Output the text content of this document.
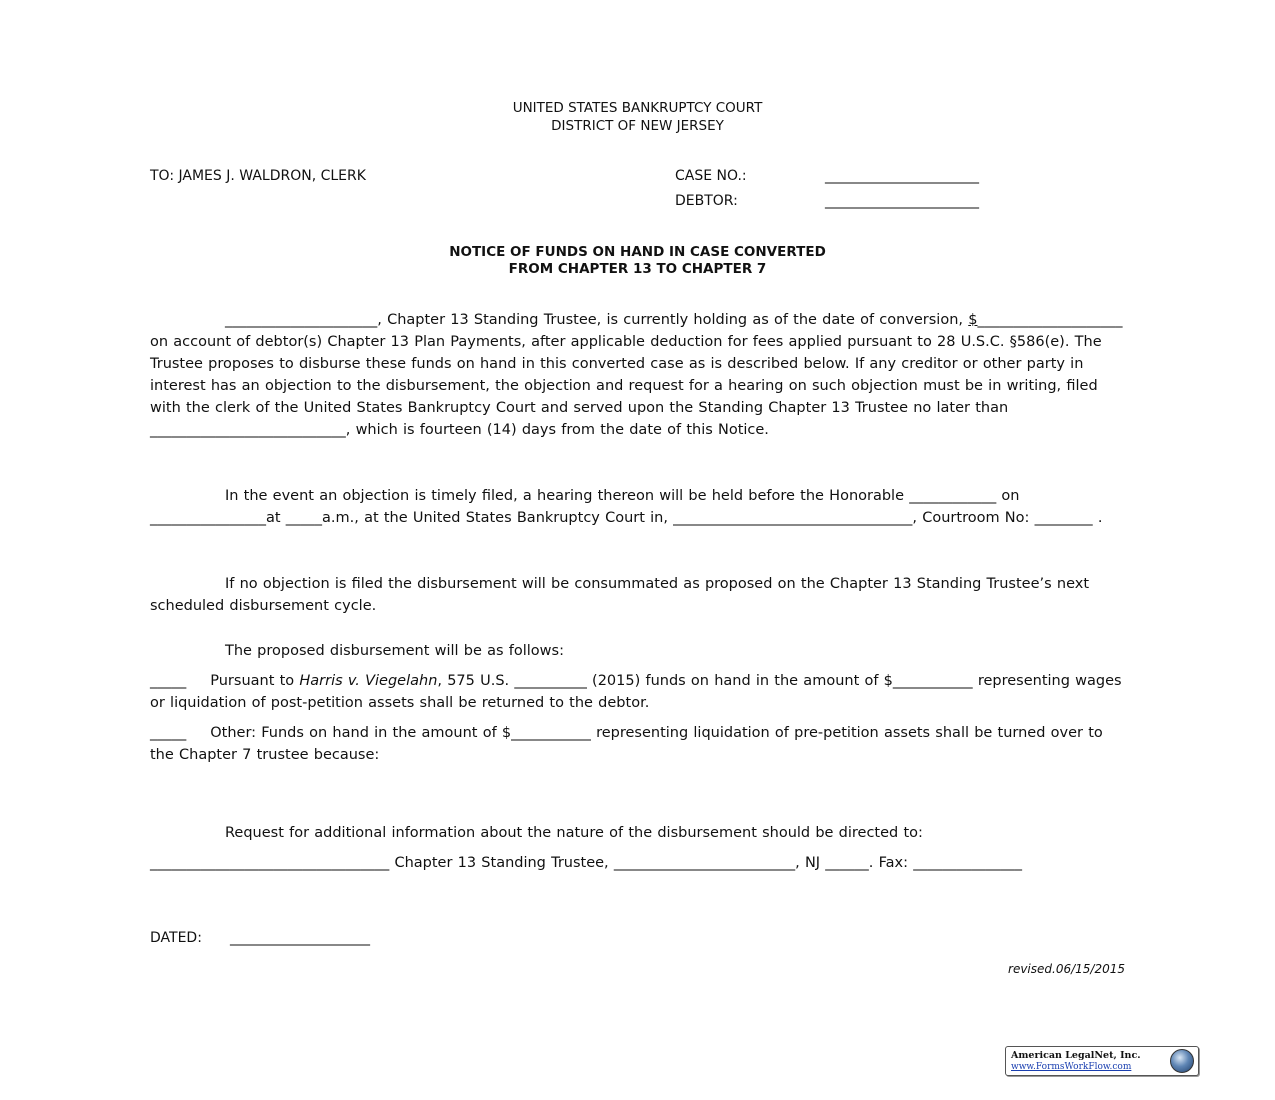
UNITED STATES BANKRUPTCY COURT
DISTRICT OF NEW JERSEY
TO: JAMES J. WALDRON, CLERK	CASE NO.:	______________________
DEBTOR:	______________________
NOTICE OF FUNDS ON HAND IN CASE CONVERTED
FROM CHAPTER 13 TO CHAPTER 7
_____________________, Chapter 13 Standing Trustee, is currently holding as of the date of conversion, $____________________ on account of debtor(s) Chapter 13 Plan Payments, after applicable deduction for fees applied pursuant to 28 U.S.C. §586(e). The Trustee proposes to disburse these funds on hand in this converted case as is described below. If any creditor or other party in interest has an objection to the disbursement, the objection and request for a hearing on such objection must be in writing, filed with the clerk of the United States Bankruptcy Court and served upon the Standing Chapter 13 Trustee no later than ___________________________, which is fourteen (14) days from the date of this Notice.
In the event an objection is timely filed, a hearing thereon will be held before the Honorable ____________ on ________________at _____a.m., at the United States Bankruptcy Court in, _________________________________, Courtroom No: ________ .
If no objection is filed the disbursement will be consummated as proposed on the Chapter 13 Standing Trustee’s next scheduled disbursement cycle.
The proposed disbursement will be as follows:
_____ Pursuant to Harris v. Viegelahn, 575 U.S. __________ (2015) funds on hand in the amount of $___________ representing wages or liquidation of post-petition assets shall be returned to the debtor.
_____ Other: Funds on hand in the amount of $___________ representing liquidation of pre-petition assets shall be turned over to the Chapter 7 trustee because:
Request for additional information about the nature of the disbursement should be directed to:
_________________________________ Chapter 13 Standing Trustee, _________________________, NJ ______. Fax: _______________
DATED: ____________________
revised.06/15/2015
American LegalNet, Inc.
www.FormsWorkFlow.com
